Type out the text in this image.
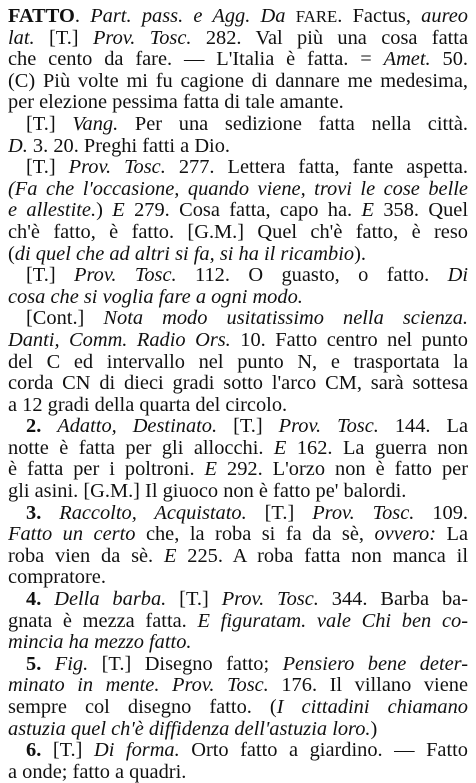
FATTO. Part. pass. e Agg. Da FARE. Factus, aureo
lat. [T.] Prov. Tosc. 282. Val più una cosa fatta
che cento da fare. — L'Italia è fatta. = Amet. 50.
(C) Più volte mi fu cagione di dannare me medesima,
per elezione pessima fatta di tale amante.
[T.] Vang. Per una sedizione fatta nella città.
D. 3. 20. Preghi fatti a Dio.
[T.] Prov. Tosc. 277. Lettera fatta, fante aspetta.
(Fa che l'occasione, quando viene, trovi le cose belle
e allestite.) E 279. Cosa fatta, capo ha. E 358. Quel
ch'è fatto, è fatto. [G.M.] Quel ch'è fatto, è reso
(di quel che ad altri si fa, si ha il ricambio).
[T.] Prov. Tosc. 112. O guasto, o fatto. Di
cosa che si voglia fare a ogni modo.
[Cont.] Nota modo usitatissimo nella scienza.
Danti, Comm. Radio Ors. 10. Fatto centro nel punto
del C ed intervallo nel punto N, e trasportata la
corda CN di dieci gradi sotto l'arco CM, sarà sottesa
a 12 gradi della quarta del circolo.
2. Adatto, Destinato. [T.] Prov. Tosc. 144. La
notte è fatta per gli allocchi. E 162. La guerra non
è fatta per i poltroni. E 292. L'orzo non è fatto per
gli asini. [G.M.] Il giuoco non è fatto pe' balordi.
3. Raccolto, Acquistato. [T.] Prov. Tosc. 109.
Fatto un certo che, la roba si fa da sè, ovvero: La
roba vien da sè. E 225. A roba fatta non manca il
compratore.
4. Della barba. [T.] Prov. Tosc. 344. Barba ba-
gnata è mezza fatta. E figuratam. vale Chi ben co-
mincia ha mezzo fatto.
5. Fig. [T.] Disegno fatto; Pensiero bene deter-
minato in mente. Prov. Tosc. 176. Il villano viene
sempre col disegno fatto. (I cittadini chiamano
astuzia quel ch'è diffidenza dell'astuzia loro.)
6. [T.] Di forma. Orto fatto a giardino. — Fatto
a onde; fatto a quadri.
